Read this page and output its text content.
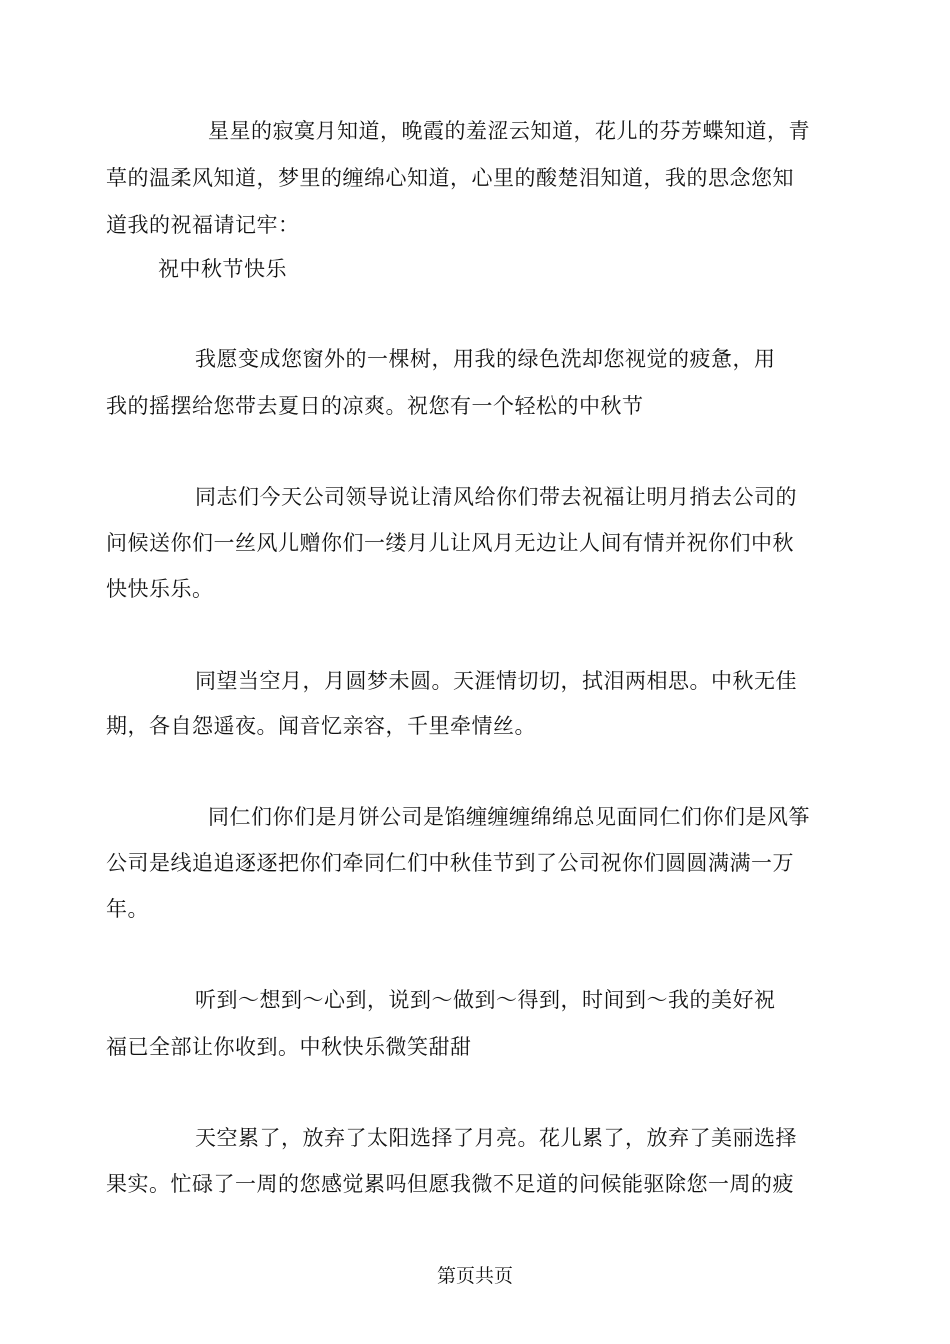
星星的寂寞月知道，晚霞的羞涩云知道，花儿的芬芳蝶知道，青
草的温柔风知道，梦里的缠绵心知道，心里的酸楚泪知道，我的思念您知
道我的祝福请记牢：
祝中秋节快乐
我愿变成您窗外的一棵树，用我的绿色洗却您视觉的疲惫，用
我的摇摆给您带去夏日的凉爽。祝您有一个轻松的中秋节
同志们今天公司领导说让清风给你们带去祝福让明月捎去公司的
问候送你们一丝风儿赠你们一缕月儿让风月无边让人间有情并祝你们中秋
快快乐乐。
同望当空月，月圆梦未圆。天涯情切切，拭泪两相思。中秋无佳
期，各自怨遥夜。闻音忆亲容，千里牵情丝。
同仁们你们是月饼公司是馅缠缠缠绵绵总见面同仁们你们是风筝
公司是线追追逐逐把你们牵同仁们中秋佳节到了公司祝你们圆圆满满一万
年。
听到〜想到〜心到，说到〜做到〜得到，时间到〜我的美好祝
福已全部让你收到。中秋快乐微笑甜甜
天空累了，放弃了太阳选择了月亮。花儿累了，放弃了美丽选择
果实。忙碌了一周的您感觉累吗但愿我微不足道的问候能驱除您一周的疲
第页共页
